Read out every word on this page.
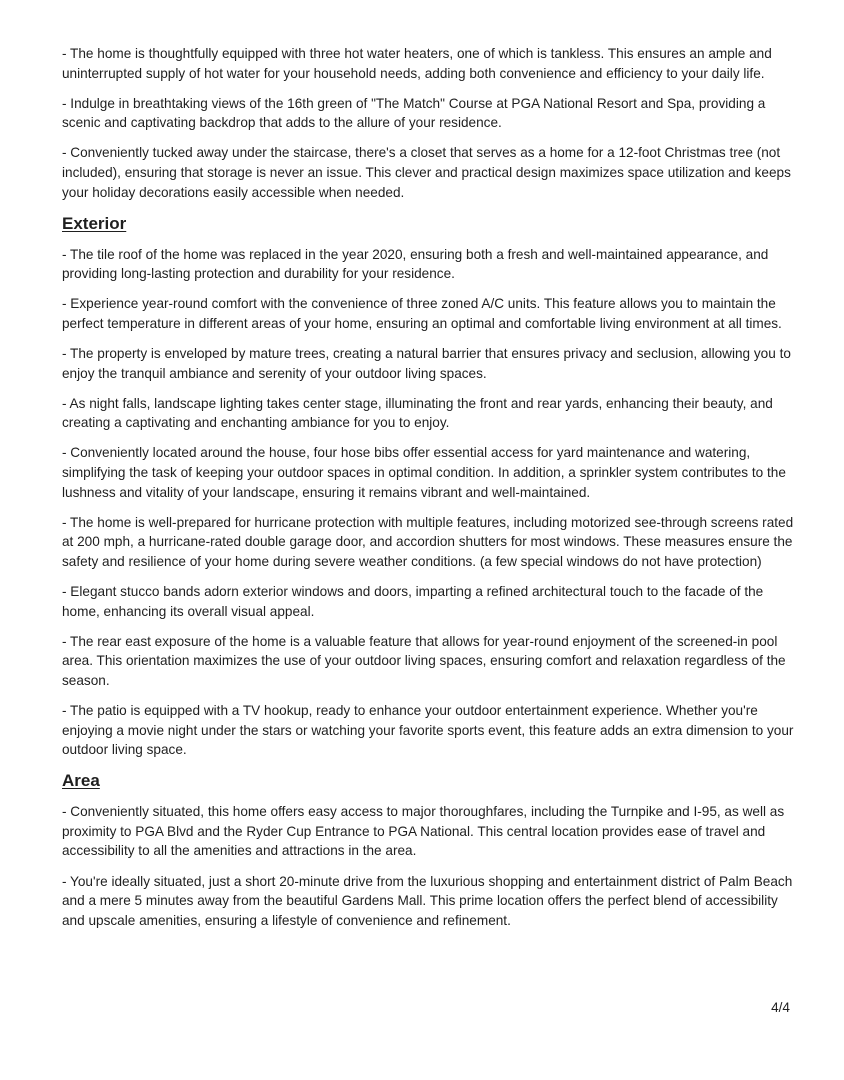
- The home is thoughtfully equipped with three hot water heaters, one of which is tankless. This ensures an ample and uninterrupted supply of hot water for your household needs, adding both convenience and efficiency to your daily life.

- Indulge in breathtaking views of the 16th green of "The Match" Course at PGA National Resort and Spa, providing a scenic and captivating backdrop that adds to the allure of your residence.

- Conveniently tucked away under the staircase, there's a closet that serves as a home for a 12-foot Christmas tree (not included), ensuring that storage is never an issue. This clever and practical design maximizes space utilization and keeps your holiday decorations easily accessible when needed.

Exterior

- The tile roof of the home was replaced in the year 2020, ensuring both a fresh and well-maintained appearance, and providing long-lasting protection and durability for your residence.

- Experience year-round comfort with the convenience of three zoned A/C units. This feature allows you to maintain the perfect temperature in different areas of your home, ensuring an optimal and comfortable living environment at all times.

- The property is enveloped by mature trees, creating a natural barrier that ensures privacy and seclusion, allowing you to enjoy the tranquil ambiance and serenity of your outdoor living spaces.

- As night falls, landscape lighting takes center stage, illuminating the front and rear yards, enhancing their beauty, and creating a captivating and enchanting ambiance for you to enjoy.

- Conveniently located around the house, four hose bibs offer essential access for yard maintenance and watering, simplifying the task of keeping your outdoor spaces in optimal condition. In addition, a sprinkler system contributes to the lushness and vitality of your landscape, ensuring it remains vibrant and well-maintained.

- The home is well-prepared for hurricane protection with multiple features, including motorized see-through screens rated at 200 mph, a hurricane-rated double garage door, and accordion shutters for most windows. These measures ensure the safety and resilience of your home during severe weather conditions. (a few special windows do not have protection)

- Elegant stucco bands adorn exterior windows and doors, imparting a refined architectural touch to the facade of the home, enhancing its overall visual appeal.

- The rear east exposure of the home is a valuable feature that allows for year-round enjoyment of the screened-in pool area. This orientation maximizes the use of your outdoor living spaces, ensuring comfort and relaxation regardless of the season.

- The patio is equipped with a TV hookup, ready to enhance your outdoor entertainment experience. Whether you're enjoying a movie night under the stars or watching your favorite sports event, this feature adds an extra dimension to your outdoor living space.

Area

- Conveniently situated, this home offers easy access to major thoroughfares, including the Turnpike and I-95, as well as proximity to PGA Blvd and the Ryder Cup Entrance to PGA National. This central location provides ease of travel and accessibility to all the amenities and attractions in the area.

- You're ideally situated, just a short 20-minute drive from the luxurious shopping and entertainment district of Palm Beach and a mere 5 minutes away from the beautiful Gardens Mall. This prime location offers the perfect blend of accessibility and upscale amenities, ensuring a lifestyle of convenience and refinement.

4/4
